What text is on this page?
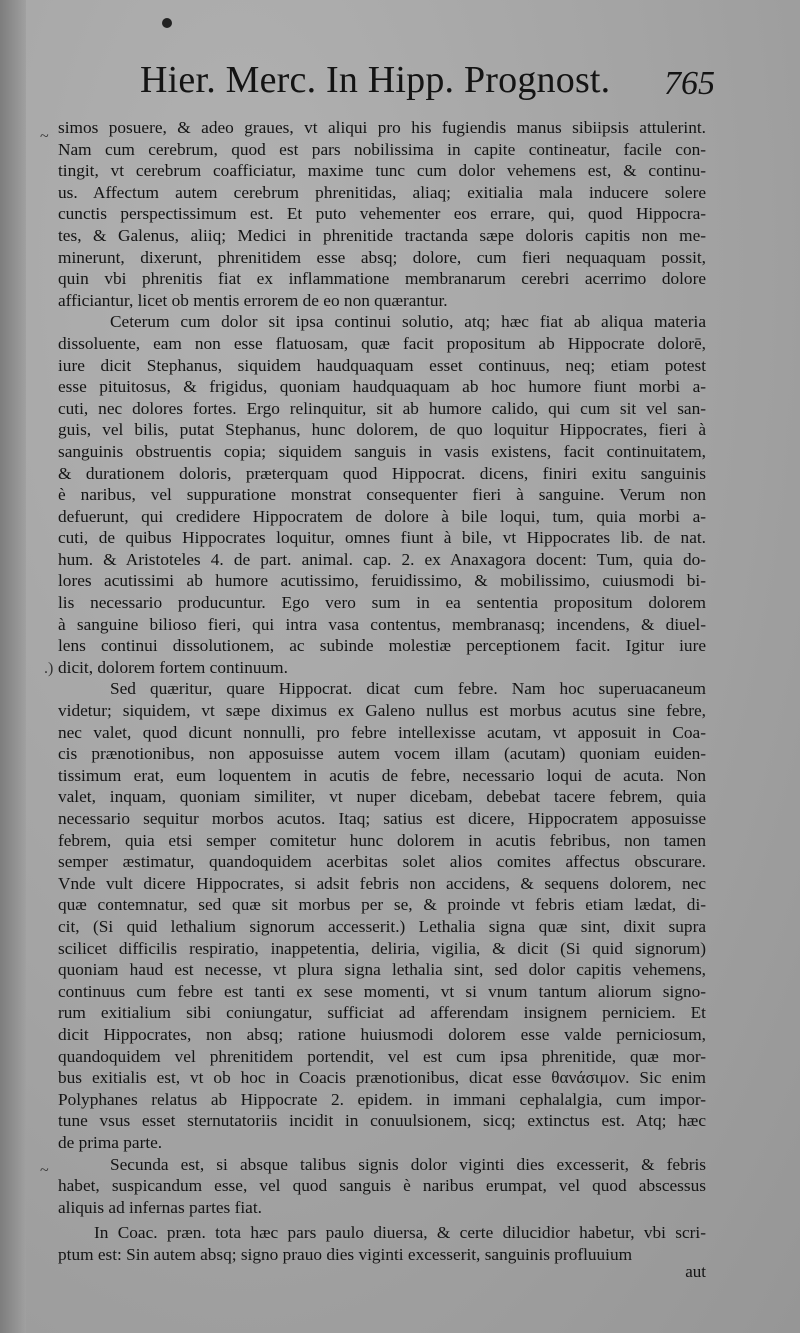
Hier. Merc. In Hipp. Prognost. 765
simos posuere, & adeo graues, vt aliqui pro his fugiendis manus sibiipsis attulerint.
Nam cum cerebrum, quod est pars nobilissima in capite contineatur, facile con-
tingit, vt cerebrum coafficiatur, maxime tunc cum dolor vehemens est, & continu-
us. Affectum autem cerebrum phrenitidas, aliaq; exitialia mala inducere solere
cunctis perspectissimum est. Et puto vehementer eos errare, qui, quod Hippocra-
tes, & Galenus, aliiq; Medici in phrenitide tractanda sæpe doloris capitis non me-
minerunt, dixerunt, phrenitidem esse absq; dolore, cum fieri nequaquam possit,
quin vbi phrenitis fiat ex inflammatione membranarum cerebri acerrimo dolore
afficiantur, licet ob mentis errorem de eo non quærantur.
Ceterum cum dolor sit ipsa continui solutio, atq; hæc fiat ab aliqua materia
dissoluente, eam non esse flatuosam, quæ facit propositum ab Hippocrate dolorē,
iure dicit Stephanus, siquidem haudquaquam esset continuus, neq; etiam potest
esse pituitosus, & frigidus, quoniam haudquaquam ab hoc humore fiunt morbi a-
cuti, nec dolores fortes. Ergo relinquitur, sit ab humore calido, qui cum sit vel san-
guis, vel bilis, putat Stephanus, hunc dolorem, de quo loquitur Hippocrates, fieri à
sanguinis obstruentis copia; siquidem sanguis in vasis existens, facit continuitatem,
& durationem doloris, præterquam quod Hippocrat. dicens, finiri exitu sanguinis
è naribus, vel suppuratione monstrat consequenter fieri à sanguine. Verum non
defuerunt, qui credidere Hippocratem de dolore à bile loqui, tum, quia morbi a-
cuti, de quibus Hippocrates loquitur, omnes fiunt à bile, vt Hippocrates lib. de nat.
hum. & Aristoteles 4. de part. animal. cap. 2. ex Anaxagora docent: Tum, quia do-
lores acutissimi ab humore acutissimo, feruidissimo, & mobilissimo, cuiusmodi bi-
lis necessario producuntur. Ego vero sum in ea sententia propositum dolorem
à sanguine bilioso fieri, qui intra vasa contentus, membranasq; incendens, & diuel-
lens continui dissolutionem, ac subinde molestiæ perceptionem facit. Igitur iure
dicit, dolorem fortem continuum.
Sed quæritur, quare Hippocrat. dicat cum febre. Nam hoc superuacaneum
videtur; siquidem, vt sæpe diximus ex Galeno nullus est morbus acutus sine febre,
nec valet, quod dicunt nonnulli, pro febre intellexisse acutam, vt apposuit in Coa-
cis prænotionibus, non apposuisse autem vocem illam (acutam) quoniam euiden-
tissimum erat, eum loquentem in acutis de febre, necessario loqui de acuta. Non
valet, inquam, quoniam similiter, vt nuper dicebam, debebat tacere febrem, quia
necessario sequitur morbos acutos. Itaq; satius est dicere, Hippocratem apposuisse
febrem, quia etsi semper comitetur hunc dolorem in acutis febribus, non tamen
semper æstimatur, quandoquidem acerbitas solet alios comites affectus obscurare.
Vnde vult dicere Hippocrates, si adsit febris non accidens, & sequens dolorem, nec
quæ contemnatur, sed quæ sit morbus per se, & proinde vt febris etiam lædat, di-
cit, (Si quid lethalium signorum accesserit.) Lethalia signa quæ sint, dixit supra
scilicet difficilis respiratio, inappetentia, deliria, vigilia, & dicit (Si quid signorum)
quoniam haud est necesse, vt plura signa lethalia sint, sed dolor capitis vehemens,
continuus cum febre est tanti ex sese momenti, vt si vnum tantum aliorum signo-
rum exitialium sibi coniungatur, sufficiat ad afferendam insignem perniciem. Et
dicit Hippocrates, non absq; ratione huiusmodi dolorem esse valde perniciosum,
quandoquidem vel phrenitidem portendit, vel est cum ipsa phrenitide, quæ mor-
bus exitialis est, vt ob hoc in Coacis prænotionibus, dicat esse θανάσιμον. Sic enim
Polyphanes relatus ab Hippocrate 2. epidem. in immani cephalalgia, cum impor-
tune vsus esset sternutatoriis incidit in conuulsionem, sicq; extinctus est. Atq; hæc
de prima parte.
Secunda est, si absque talibus signis dolor viginti dies excesserit, & febris
habet, suspicandum esse, vel quod sanguis è naribus erumpat, vel quod abscessus
aliquis ad infernas partes fiat.
In Coac. præn. tota hæc pars paulo diuersa, & certe dilucidior habetur, vbi scri-
ptum est: Sin autem absq; signo prauo dies viginti excesserit, sanguinis profluuium
~
.)
~
aut
